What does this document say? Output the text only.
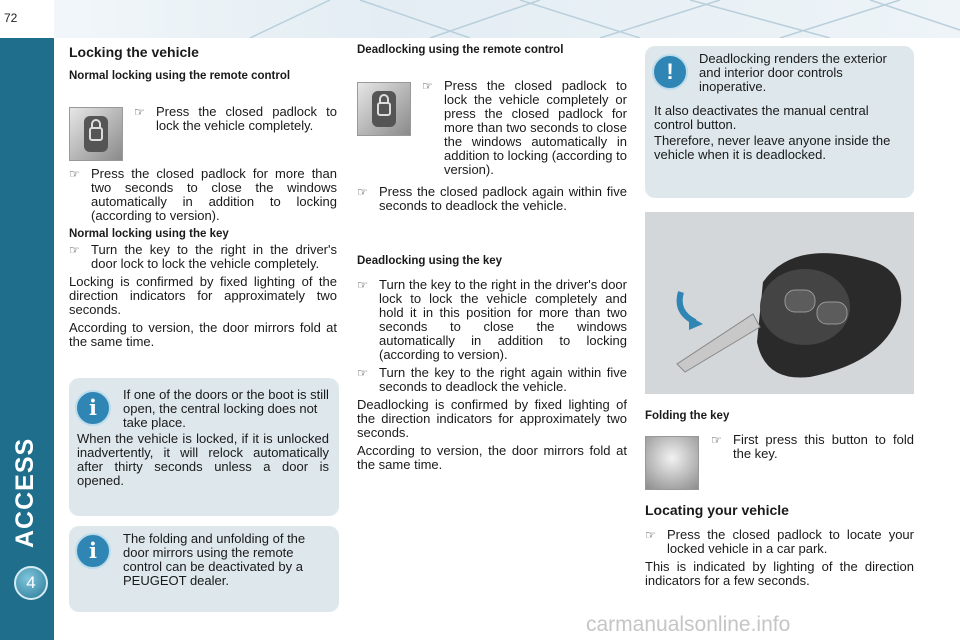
72
ACCESS
4
Locking the vehicle
Normal locking using the remote control
☞ Press the closed padlock to lock the vehicle completely.
☞ Press the closed padlock for more than two seconds to close the windows automatically in addition to locking (according to version).
Normal locking using the key
☞ Turn the key to the right in the driver's door lock to lock the vehicle completely.

Locking is confirmed by fixed lighting of the direction indicators for approximately two seconds.

According to version, the door mirrors fold at the same time.

i
If one of the doors or the boot is still open, the central locking does not take place.
When the vehicle is locked, if it is unlocked inadvertently, it will relock automatically after thirty seconds unless a door is opened.
i	The folding and unfolding of the door mirrors using the remote control can be deactivated by a PEUGEOT dealer.
Deadlocking using the remote control
☞ Press the closed padlock to lock the vehicle completely or press the closed padlock for more than two seconds to close the windows automatically in addition to locking (according to version).
☞ Press the closed padlock again within five seconds to deadlock the vehicle.
Deadlocking using the key
☞ Turn the key to the right in the driver's door lock to lock the vehicle completely and hold it in this position for more than two seconds to close the windows automatically in addition to locking (according to version).
☞ Turn the key to the right again within five seconds to deadlock the vehicle.

Deadlocking is confirmed by fixed lighting of the direction indicators for approximately two seconds.

According to version, the door mirrors fold at the same time.

!
Deadlocking renders the exterior and interior door controls inoperative.
It also deactivates the manual central control button.
Therefore, never leave anyone inside the vehicle when it is deadlocked.
Folding the key
☞ First press this button to fold the key.
Locating your vehicle
☞ Press the closed padlock to locate your locked vehicle in a car park.

This is indicated by lighting of the direction indicators for a few seconds.

carmanualsonline.info
